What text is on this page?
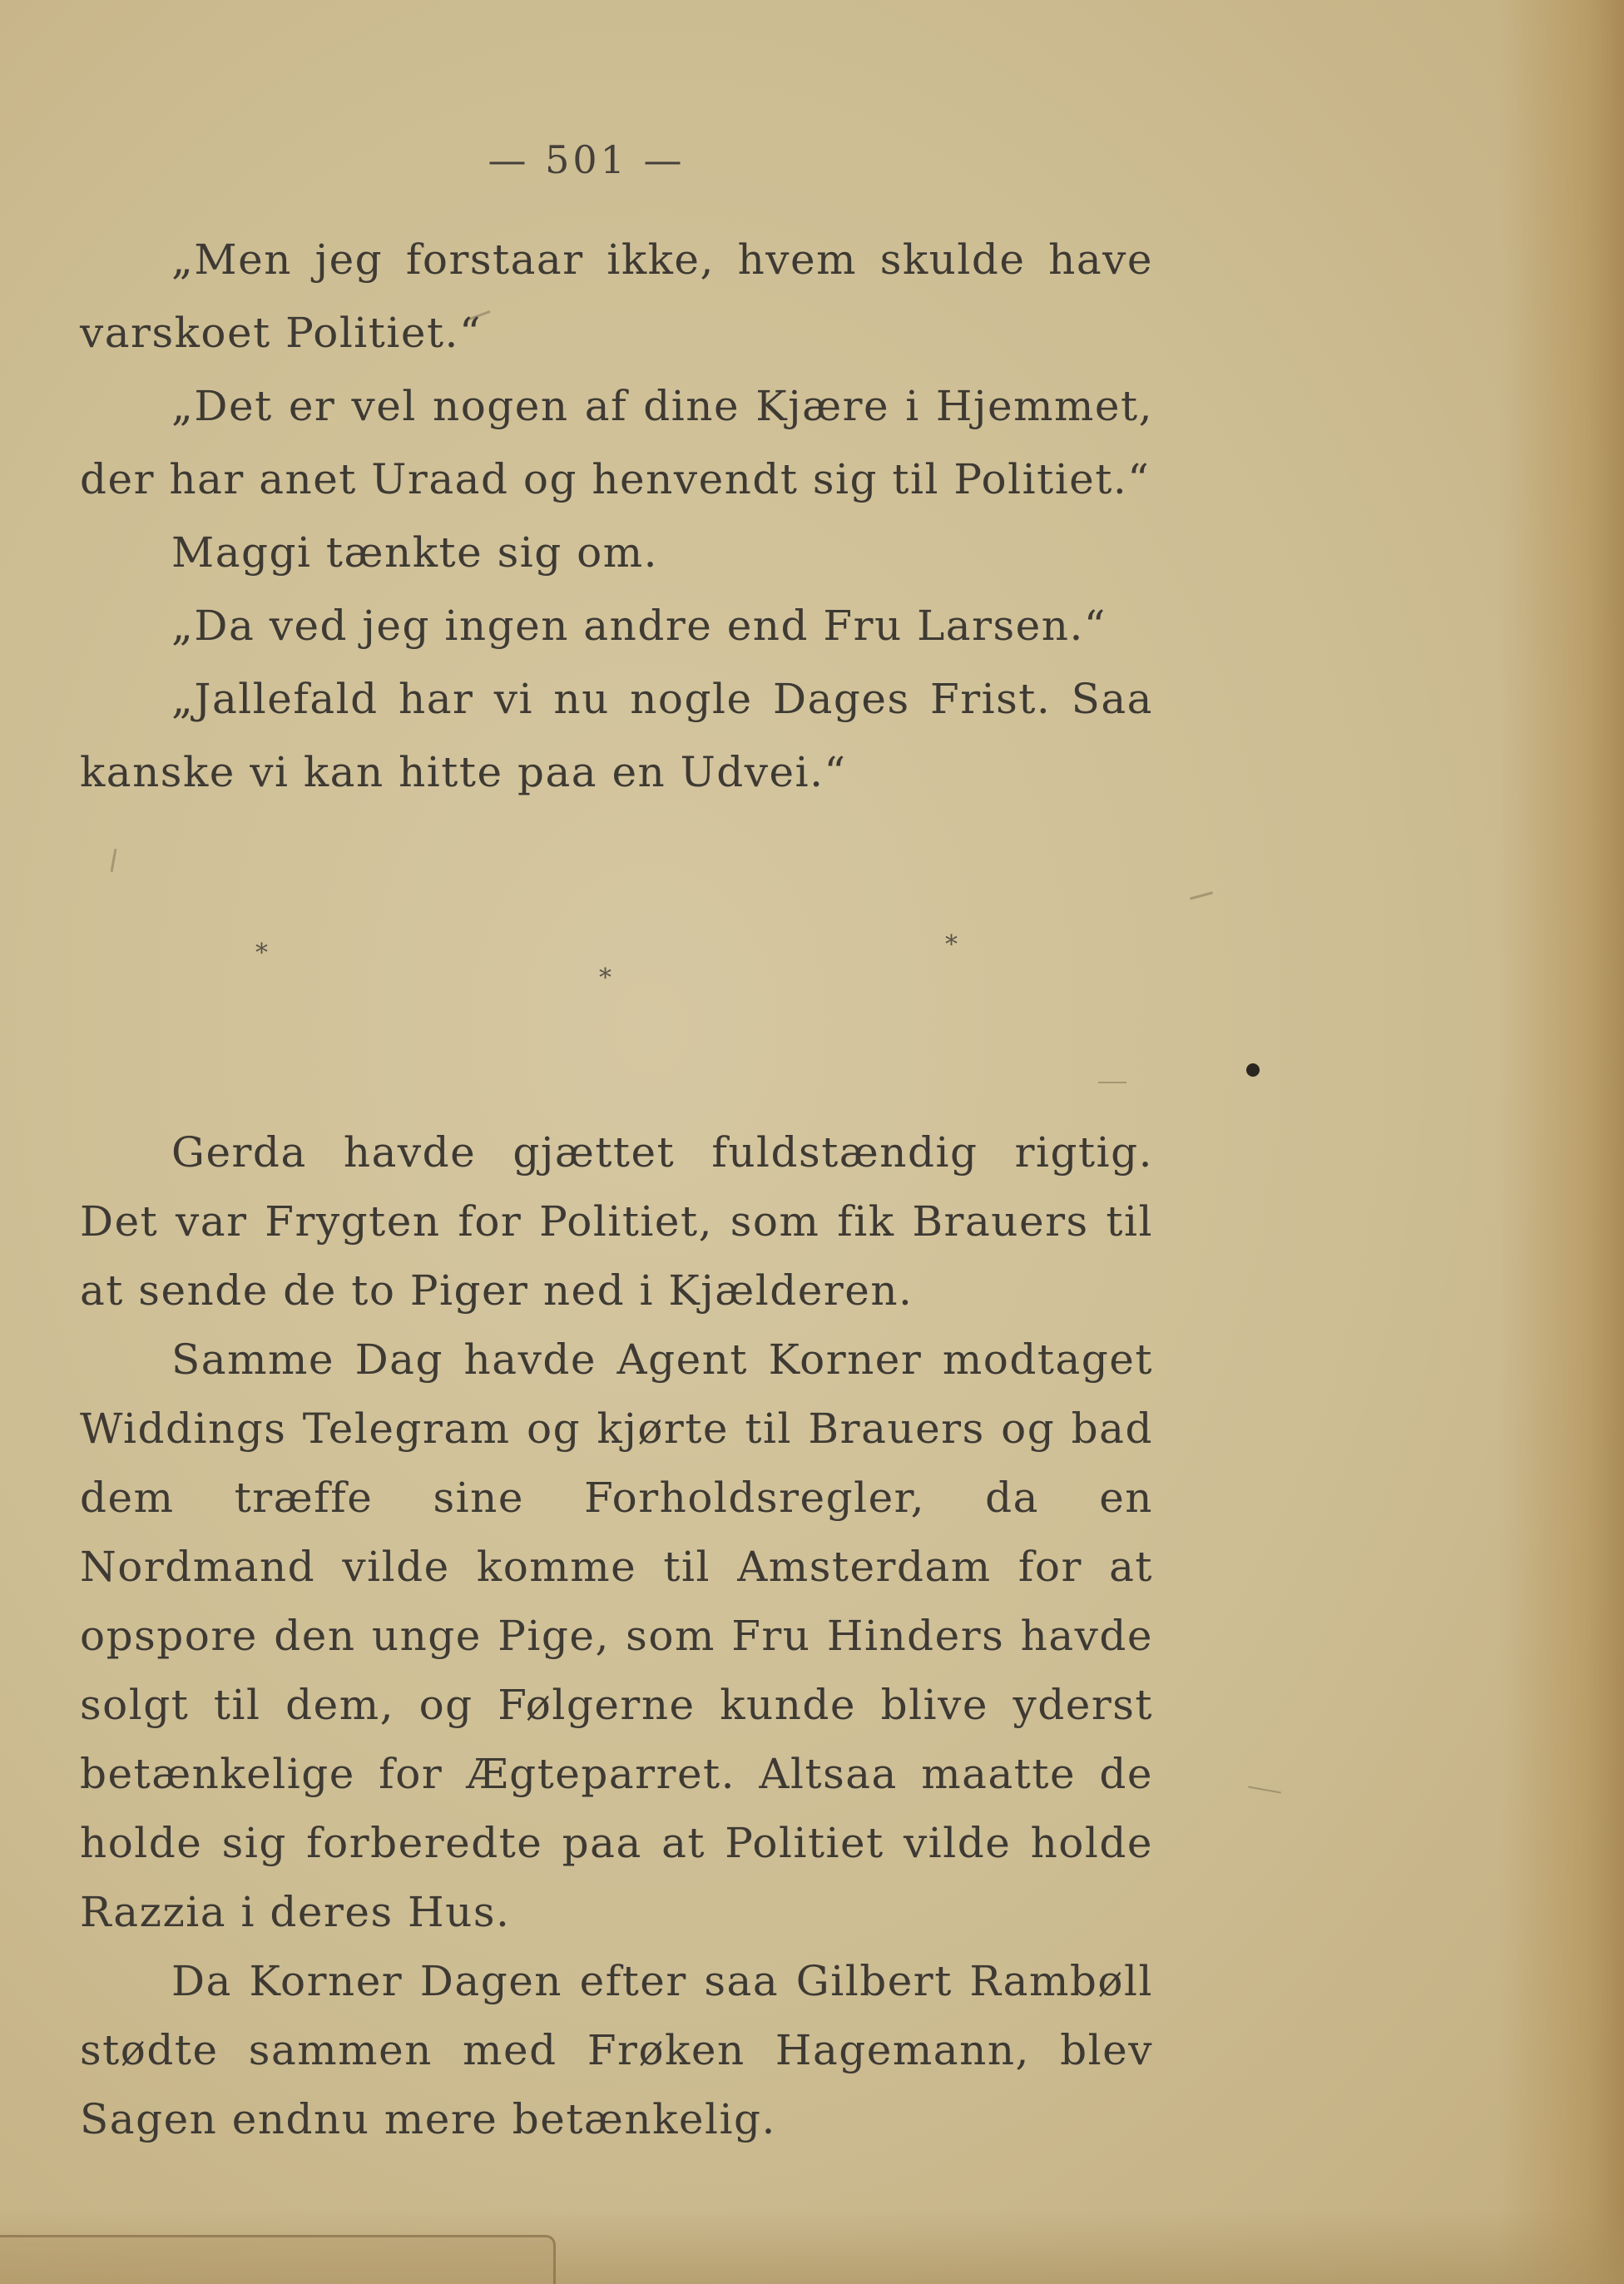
— 501 —

„Men jeg forstaar ikke, hvem skulde have varskoet Politiet.“

„Det er vel nogen af dine Kjære i Hjemmet, der har anet Uraad og henvendt sig til Politiet.“

Maggi tænkte sig om.

„Da ved jeg ingen andre end Fru Larsen.“

„Jallefald har vi nu nogle Dages Frist. Saa kanske vi kan hitte paa en Udvei.“

*
*
*

Gerda havde gjættet fuldstændig rigtig. Det var Frygten for Politiet, som fik Brauers til at sende de to Piger ned i Kjælderen.

Samme Dag havde Agent Korner modtaget Widdings Telegram og kjørte til Brauers og bad dem træffe sine Forholdsregler, da en Nordmand vilde komme til Amsterdam for at opspore den unge Pige, som Fru Hinders havde solgt til dem, og Følgerne kunde blive yderst betænkelige for Ægteparret. Altsaa maatte de holde sig forberedte paa at Politiet vilde holde Razzia i deres Hus.

Da Korner Dagen efter saa Gilbert Rambøll stødte sammen med Frøken Hagemann, blev Sagen endnu mere betænkelig.
